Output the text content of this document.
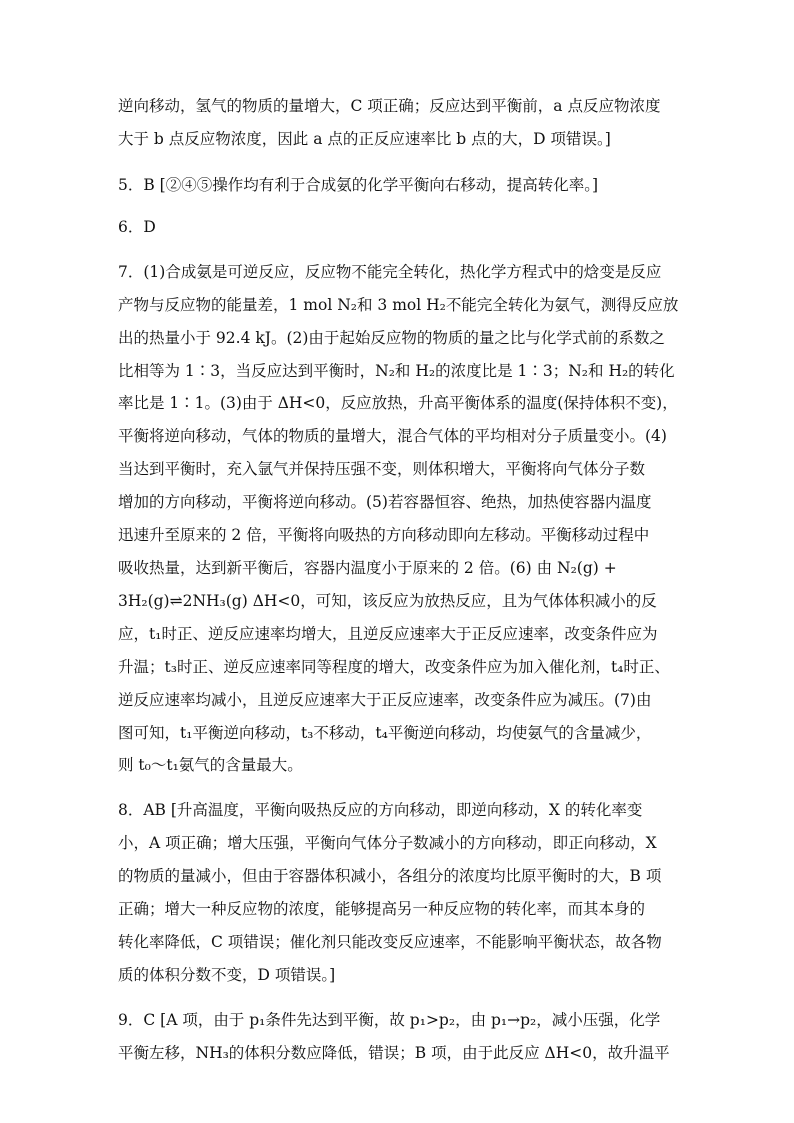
逆向移动，氢气的物质的量增大，C 项正确；反应达到平衡前，a 点反应物浓度
大于 b 点反应物浓度，因此 a 点的正反应速率比 b 点的大，D 项错误。]
5．B [②④⑤操作均有利于合成氨的化学平衡向右移动，提高转化率。]
6．D
7．(1)合成氨是可逆反应，反应物不能完全转化，热化学方程式中的焓变是反应
产物与反应物的能量差，1 mol N₂和 3 mol H₂不能完全转化为氨气，测得反应放
出的热量小于 92.4 kJ。(2)由于起始反应物的物质的量之比与化学式前的系数之
比相等为 1∶3，当反应达到平衡时，N₂和 H₂的浓度比是 1∶3；N₂和 H₂的转化
率比是 1∶1。(3)由于 ΔH<0，反应放热，升高平衡体系的温度(保持体积不变)，
平衡将逆向移动，气体的物质的量增大，混合气体的平均相对分子质量变小。(4)
当达到平衡时，充入氩气并保持压强不变，则体积增大，平衡将向气体分子数
增加的方向移动，平衡将逆向移动。(5)若容器恒容、绝热，加热使容器内温度
迅速升至原来的 2 倍，平衡将向吸热的方向移动即向左移动。平衡移动过程中
吸收热量，达到新平衡后，容器内温度小于原来的 2 倍。(6) 由 N₂(g) +
3H₂(g)⇌2NH₃(g) ΔH<0，可知，该反应为放热反应，且为气体体积减小的反
应，t₁时正、逆反应速率均增大，且逆反应速率大于正反应速率，改变条件应为
升温；t₃时正、逆反应速率同等程度的增大，改变条件应为加入催化剂，t₄时正、
逆反应速率均减小，且逆反应速率大于正反应速率，改变条件应为减压。(7)由
图可知，t₁平衡逆向移动，t₃不移动，t₄平衡逆向移动，均使氨气的含量减少，
则 t₀～t₁氨气的含量最大。
8．AB [升高温度，平衡向吸热反应的方向移动，即逆向移动，X 的转化率变
小，A 项正确；增大压强，平衡向气体分子数减小的方向移动，即正向移动，X
的物质的量减小，但由于容器体积减小，各组分的浓度均比原平衡时的大，B 项
正确；增大一种反应物的浓度，能够提高另一种反应物的转化率，而其本身的
转化率降低，C 项错误；催化剂只能改变反应速率，不能影响平衡状态，故各物
质的体积分数不变，D 项错误。]
9．C [A 项，由于 p₁条件先达到平衡，故 p₁>p₂，由 p₁→p₂，减小压强，化学
平衡左移，NH₃的体积分数应降低，错误；B 项，由于此反应 ΔH<0，故升温平
